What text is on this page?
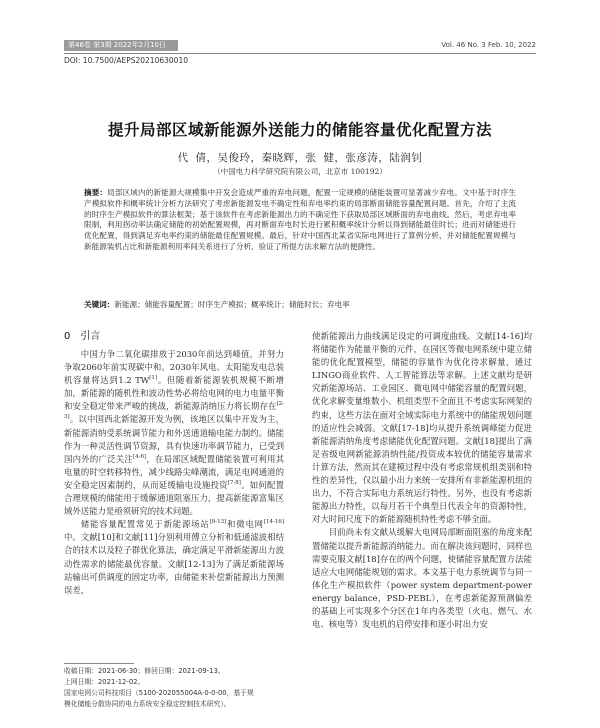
第46卷 第3期 2022年2月10日	Vol. 46 No. 3 Feb. 10, 2022
DOI: 10.7500/AEPS20210630010
提升局部区域新能源外送能力的储能容量优化配置方法
代 倩，吴俊玲，秦晓辉，张 健，张彦涛，陆润钊
（中国电力科学研究院有限公司，北京市 100192）
摘要：局部区域内的新能源大规模集中开发会造成严重的弃电问题，配置一定规模的储能装置可显著减少弃电。文中基于时序生产模拟软件和概率统计分析方法研究了考虑新能源发电不确定性和弃电率约束的局部断面储能容量配置问题。首先，介绍了主流的时序生产模拟软件的算法框架；基于该软件在考虑新能源出力的不确定性下获取局部区域断面的弃电曲线。然后，考虑弃电率限制，利用拐动率法确定储能的初始配置规模，再对断面弃电时长进行累积概率统计分析以得到储能最佳时长；进而对储能进行优化配置，得到满足弃电率约束的储能最佳配置规模。最后，针对中国西北某省实际电网进行了算例分析，并对储能配置规模与新能源装机占比和新能源利用率间关系进行了分析，验证了所提方法求解方法的便捷性。
关键词：新能源；储能容量配置；时序生产模拟；概率统计；储能时长；弃电率
0 引言

中国力争二氧化碳排放于2030年前达到峰值，并努力争取2060年前实现碳中和。2030年风电、太阳能发电总装机容量将达到1.2 TW[1]。但随着新能源装机规模不断增加，新能源的随机性和波动性势必将给电网的电力电量平衡和安全稳定带来严峻的挑战，新能源消纳压力将长期存在[2-3]。以中国西北新能源开发为例，该地区以集中开发为主，新能源消纳受系统调节能力和外送通道输电能力制约。储能作为一种灵活性调节资源，具有快速功率调节能力，已受到国内外的广泛关注[4-6]，在局部区域配置储能装置可利用其电量的时空转移特性，减少线路尖峰潮流，满足电网通道的安全稳定因素制约，从而延缓输电设施投资[7-8]。如何配置合理规模的储能用于缓解通道阻塞压力，提高新能源富集区域外送能力是亟须研究的技术问题。

储能容量配置常见于新能源场站[9-13]和微电网[14-16]中。文献[10]和文献[11]分别利用傅立分析和低通滤波相结合的技术以及粒子群优化算法，确定满足平滑新能源出力波动性需求的储能最优容量。文献[12-13]为了满足新能源场站输出可供调度的固定功率，由储能来补偿新能源出力预测误差，

使新能源出力曲线满足设定的可调度曲线。文献[14-16]均将储能作为能量平衡的元件，在园区等微电网系统中建立储能的优化配置模型，储能的容量作为优化待求解量，通过LINGO商业软件、人工智能算法等求解。上述文献均是研究新能源场站、工业园区、微电网中储能容量的配置问题，优化求解变量维数小、机组类型不全面且不考虑实际网架的约束，这些方法在面对全域实际电力系统中的储能规划问题的适应性会减弱。文献[17-18]均从提升系统调峰能力促进新能源消纳角度考虑储能优化配置问题。文献[18]提出了满足省级电网新能源消纳性能/投资成本较优的储能容量需求计算方法，然而其在建模过程中没有考虑常规机组类别和特性的差异性，仅以最小出力来统一安排所有非新能源机组的出力，不符合实际电力系统运行特性。另外，也没有考虑新能源出力特性，以每月若干个典型日代表全年的资源特性，对大时间尺度下的新能源随机特性考虑不够全面。

目前尚未有文献从缓解大电网局部断面阻塞的角度来配置储能以提升新能源消纳能力。而在解决该问题时，同样也需要克服文献[18]存在的两个问题，使储能容量配置方法能适应大电网储能规划的需求。本文基于电力系统调节与同一体化生产模拟软件（power system department-power energy balance，PSD-PEBL），在考虑新能源预测偏差的基础上可实现多个分区在1年内各类型（火电、燃气、水电、核电等）发电机的启停安排和逐小时出力安

收稿日期：2021-06-30；修回日期：2021-09-13。
上网日期：2021-12-02。
国家电网公司科技项目（5100-202055004A-0-0-00，基于规
模化储能分散协同的电力系统安全稳定控制技术研究）。
